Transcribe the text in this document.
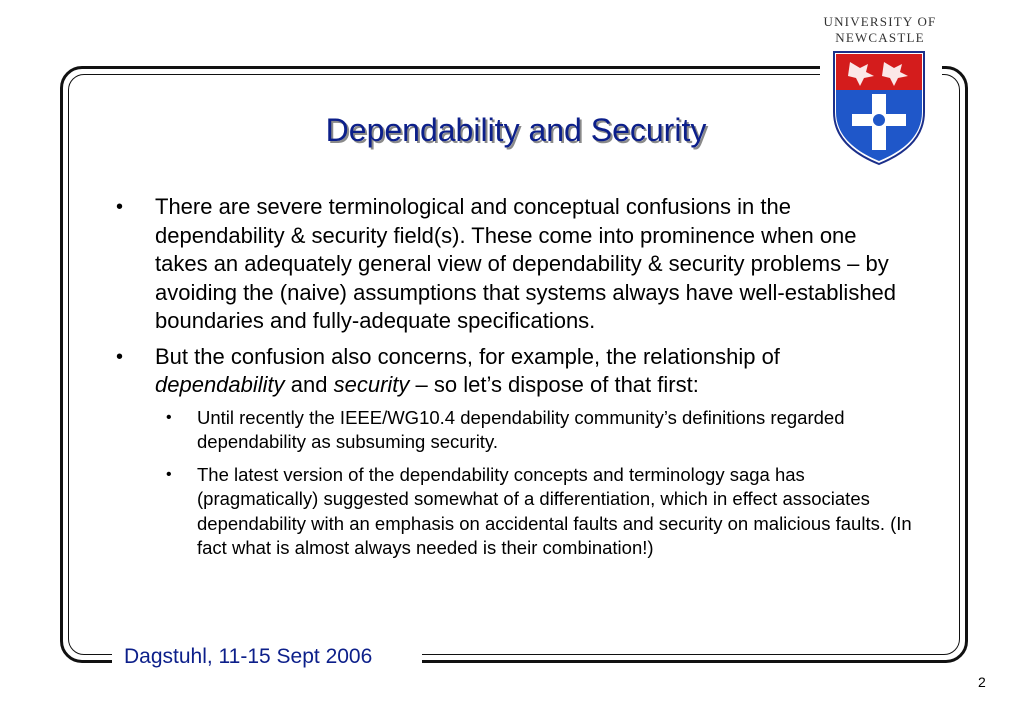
UNIVERSITY OF
NEWCASTLE
Dependability and Security
• There are severe terminological and conceptual confusions in the dependability & security field(s). These come into prominence when one takes an adequately general view of dependability & security problems – by avoiding the (naive) assumptions that systems always have well-established boundaries and fully-adequate specifications.
• But the confusion also concerns, for example, the relationship of dependability and security – so let’s dispose of that first:
• Until recently the IEEE/WG10.4 dependability community’s definitions regarded dependability as subsuming security.
• The latest version of the dependability concepts and terminology saga has (pragmatically) suggested somewhat of a differentiation, which in effect associates dependability with an emphasis on accidental faults and security on malicious faults. (In fact what is almost always needed is their combination!)
Dagstuhl, 11-15 Sept 2006
2
